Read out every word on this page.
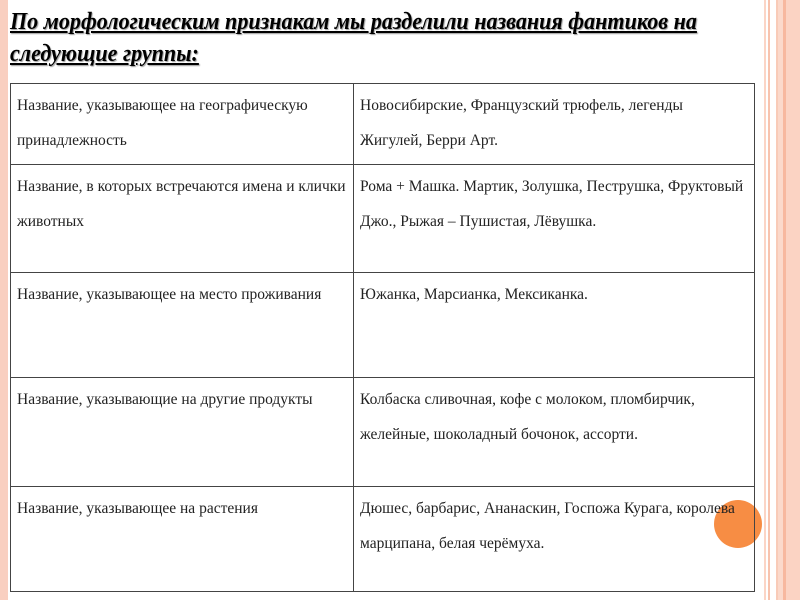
По морфологическим признакам мы разделили названия фантиков на следующие группы:
Название, указывающее на географическую принадлежность	Новосибирские, Французский трюфель, легенды Жигулей, Берри Арт.
Название, в которых встречаются имена и клички животных	Рома + Машка. Мартик, Золушка, Пеструшка, Фруктовый Джо., Рыжая – Пушистая, Лёвушка.
Название, указывающее на место проживания	Южанка, Марсианка, Мексиканка.
Название, указывающие на другие продукты	Колбаска сливочная, кофе с молоком, пломбирчик, желейные, шоколадный бочонок, ассорти.
Название, указывающее на растения	Дюшес, барбарис, Ананаскин, Госпожа Курага, королева марципана, белая черёмуха.
